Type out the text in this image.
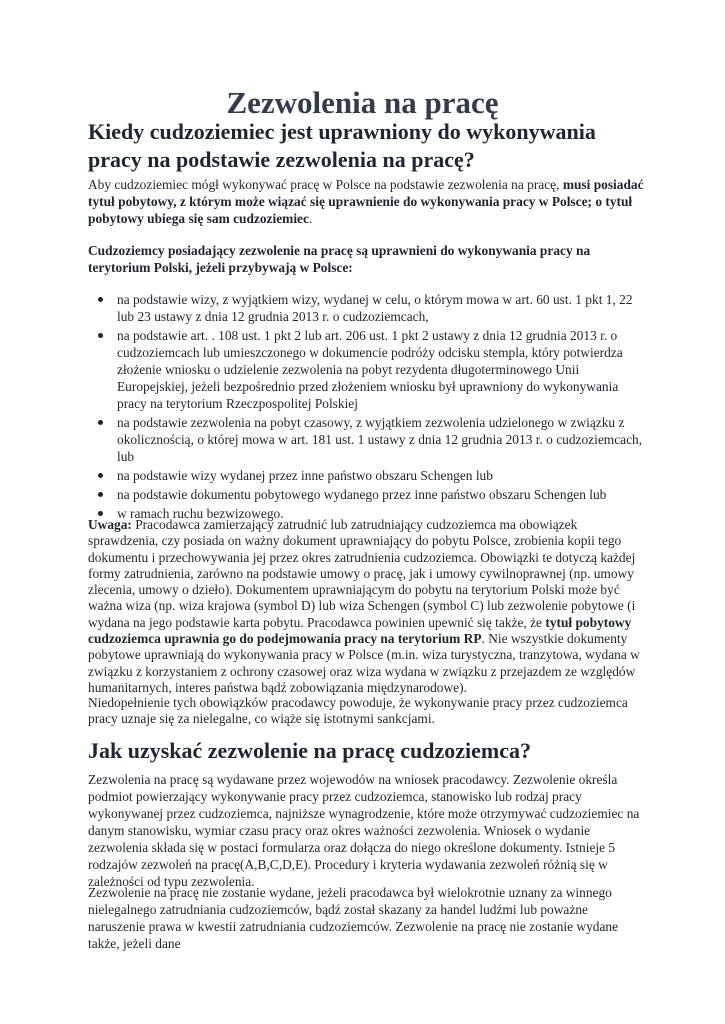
Zezwolenia na pracę
Kiedy cudzoziemiec jest uprawniony do wykonywania pracy na podstawie zezwolenia na pracę?

Aby cudzoziemiec mógł wykonywać pracę w Polsce na podstawie zezwolenia na pracę, musi posiadać tytuł pobytowy, z którym może wiązać się uprawnienie do wykonywania pracy w Polsce; o tytuł pobytowy ubiega się sam cudzoziemiec.

Cudzoziemcy posiadający zezwolenie na pracę są uprawnieni do wykonywania pracy na terytorium Polski, jeżeli przybywają w Polsce:

na podstawie wizy, z wyjątkiem wizy, wydanej w celu, o którym mowa w art. 60 ust. 1 pkt 1, 22 lub 23 ustawy z dnia 12 grudnia 2013 r. o cudzoziemcach,
na podstawie art. . 108 ust. 1 pkt 2 lub art. 206 ust. 1 pkt 2 ustawy z dnia 12 grudnia 2013 r. o cudzoziemcach lub umieszczonego w dokumencie podróży odcisku stempla, który potwierdza złożenie wniosku o udzielenie zezwolenia na pobyt rezydenta długoterminowego Unii Europejskiej, jeżeli bezpośrednio przed złożeniem wniosku był uprawniony do wykonywania pracy na terytorium Rzeczpospolitej Polskiej
na podstawie zezwolenia na pobyt czasowy, z wyjątkiem zezwolenia udzielonego w związku z okolicznością, o której mowa w art. 181 ust. 1 ustawy z dnia 12 grudnia 2013 r. o cudzoziemcach, lub
na podstawie wizy wydanej przez inne państwo obszaru Schengen lub
na podstawie dokumentu pobytowego wydanego przez inne państwo obszaru Schengen lub
w ramach ruchu bezwizowego.

Uwaga: Pracodawca zamierzający zatrudnić lub zatrudniający cudzoziemca ma obowiązek sprawdzenia, czy posiada on ważny dokument uprawniający do pobytu Polsce, zrobienia kopii tego dokumentu i przechowywania jej przez okres zatrudnienia cudzoziemca. Obowiązki te dotyczą każdej formy zatrudnienia, zarówno na podstawie umowy o pracę, jak i umowy cywilnoprawnej (np. umowy zlecenia, umowy o dzieło). Dokumentem uprawniającym do pobytu na terytorium Polski może być ważna wiza (np. wiza krajowa (symbol D) lub wiza Schengen (symbol C) lub zezwolenie pobytowe (i wydana na jego podstawie karta pobytu. Pracodawca powinien upewnić się także, że tytuł pobytowy cudzoziemca uprawnia go do podejmowania pracy na terytorium RP. Nie wszystkie dokumenty pobytowe uprawniają do wykonywania pracy w Polsce (m.in. wiza turystyczna, tranzytowa, wydana w związku z korzystaniem z ochrony czasowej oraz wiza wydana w związku z przejazdem ze względów humanitarnych, interes państwa bądź zobowiązania międzynarodowe).

Niedopełnienie tych obowiązków pracodawcy powoduje, że wykonywanie pracy przez cudzoziemca pracy uznaje się za nielegalne, co wiąże się istotnymi sankcjami.

Jak uzyskać zezwolenie na pracę cudzoziemca?

Zezwolenia na pracę są wydawane przez wojewodów na wniosek pracodawcy. Zezwolenie określa podmiot powierzający wykonywanie pracy przez cudzoziemca, stanowisko lub rodzaj pracy wykonywanej przez cudzoziemca, najniższe wynagrodzenie, które może otrzymywać cudzoziemiec na danym stanowisku, wymiar czasu pracy oraz okres ważności zezwolenia. Wniosek o wydanie zezwolenia składa się w postaci formularza oraz dołącza do niego określone dokumenty. Istnieje 5 rodzajów zezwoleń na pracę(A,B,C,D,E). Procedury i kryteria wydawania zezwoleń różnią się w zależności od typu zezwolenia.

Zezwolenie na pracę nie zostanie wydane, jeżeli pracodawca był wielokrotnie uznany za winnego nielegalnego zatrudniania cudzoziemców, bądź został skazany za handel ludźmi lub poważne naruszenie prawa w kwestii zatrudniania cudzoziemców. Zezwolenie na pracę nie zostanie wydane także, jeżeli dane
